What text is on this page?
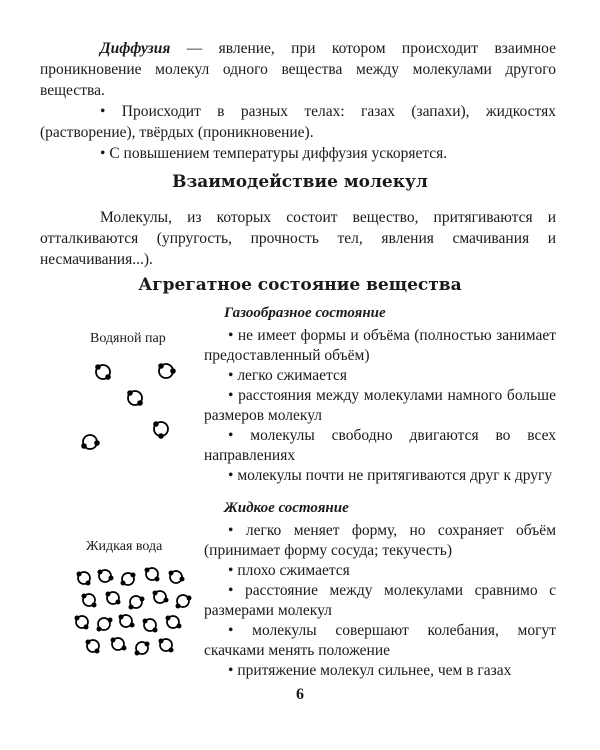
Диффузия — явление, при котором происходит взаимное проникновение молекул одного вещества между молекулами другого вещества.

• Происходит в разных телах: газах (запахи), жидкостях (растворение), твёрдых (проникновение).

• С повышением температуры диффузия ускоряется.

Взаимодействие молекул

Молекулы, из которых состоит вещество, притягиваются и отталкиваются (упругость, прочность тел, явления смачивания и несмачивания...).

Агрегатное состояние вещества

Газообразное состояние

Водяной пар

•	не имеет формы и объёма (полностью занимает предоставленный объём)
• легко сжимается
• расстояния между молекулами намного больше размеров молекул
• молекулы свободно двигаются во всех направлениях
• молекулы почти не притягиваются друг к другу

Жидкое состояние

Жидкая вода

• легко меняет форму, но сохраняет объём (принимает форму сосуда; текучесть)
• плохо сжимается
• расстояние между молекулами сравнимо с размерами молекул
• молекулы совершают колебания, могут скачками менять положение
• притяжение молекул сильнее, чем в газах
6
